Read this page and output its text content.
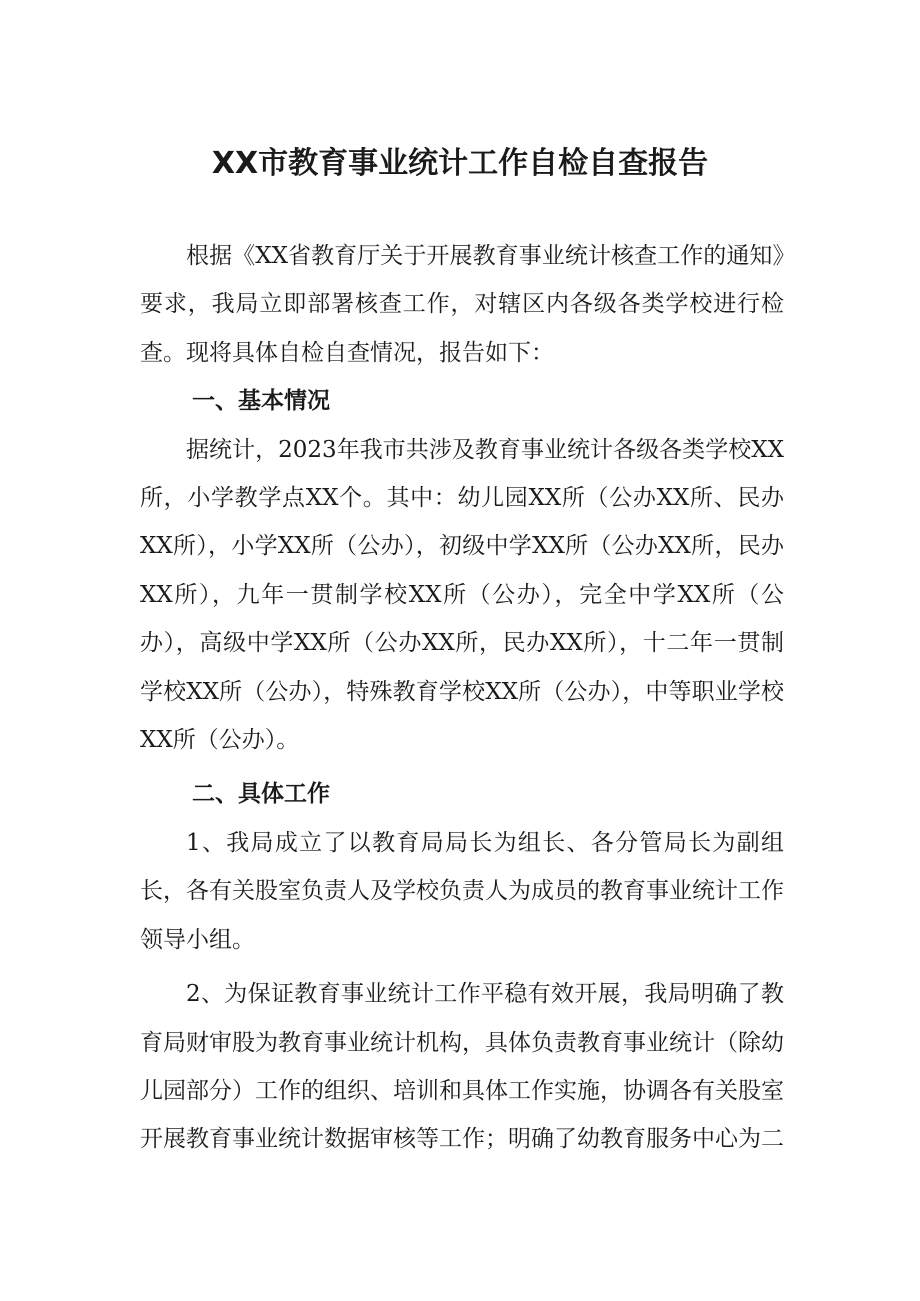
XX市教育事业统计工作自检自查报告

根据《XX省教育厅关于开展教育事业统计核查工作的通知》要求，我局立即部署核查工作，对辖区内各级各类学校进行检查。现将具体自检自查情况，报告如下：

一、基本情况

据统计，2023年我市共涉及教育事业统计各级各类学校XX所，小学教学点XX个。其中：幼儿园XX所（公办XX所、民办XX所），小学XX所（公办），初级中学XX所（公办XX所，民办XX所），九年一贯制学校XX所（公办），完全中学XX所（公办），高级中学XX所（公办XX所，民办XX所），十二年一贯制学校XX所（公办），特殊教育学校XX所（公办），中等职业学校XX所（公办）。

二、具体工作

1、我局成立了以教育局局长为组长、各分管局长为副组长，各有关股室负责人及学校负责人为成员的教育事业统计工作领导小组。

2、为保证教育事业统计工作平稳有效开展，我局明确了教育局财审股为教育事业统计机构，具体负责教育事业统计（除幼儿园部分）工作的组织、培训和具体工作实施，协调各有关股室开展教育事业统计数据审核等工作；明确了幼教育服务中心为二
